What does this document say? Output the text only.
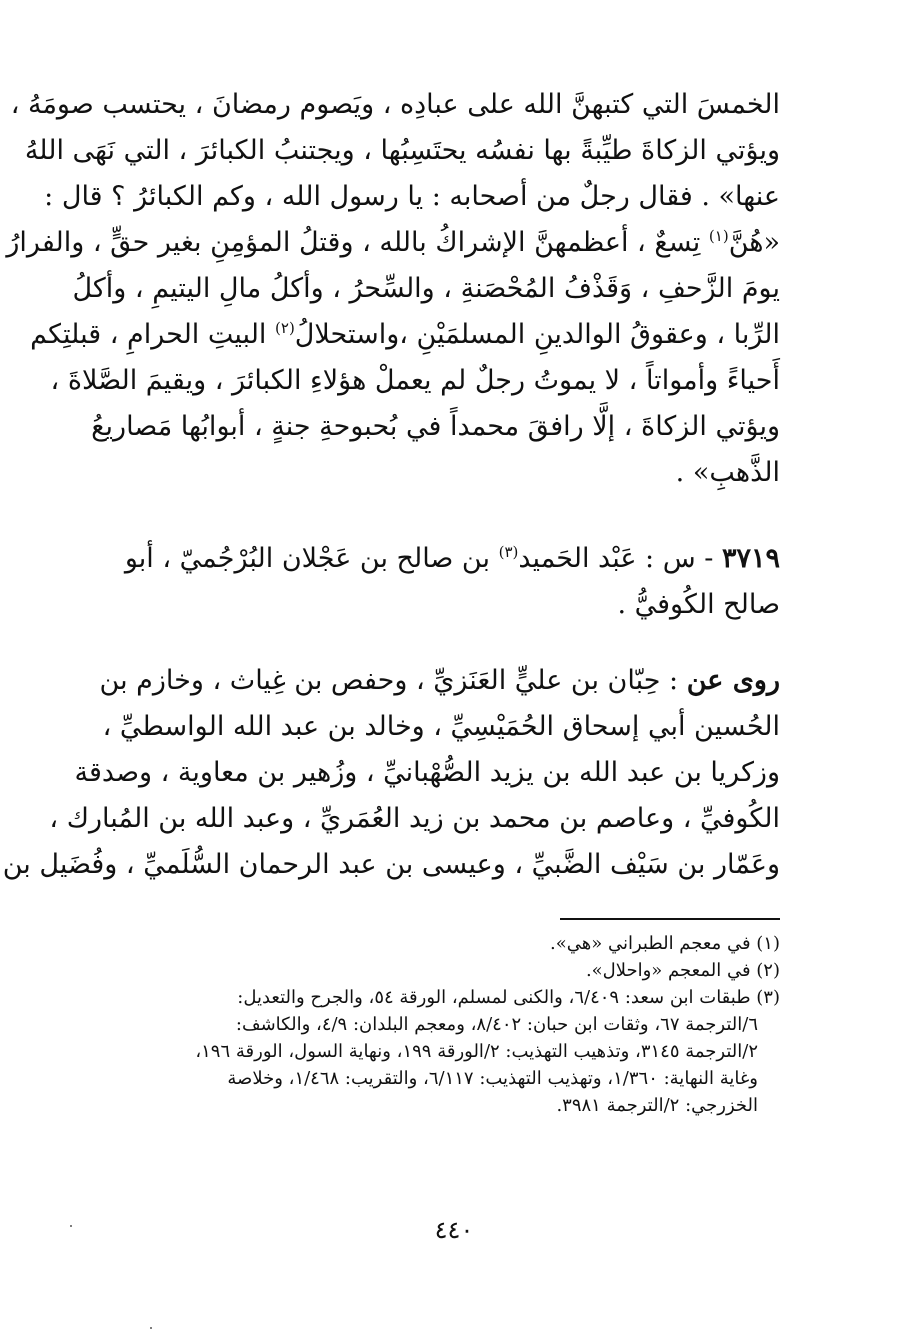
الخمسَ التي كتبهنَّ الله على عبادِه ، ويَصوم رمضانَ ، يحتسب صومَهُ ،
ويؤتي الزكاةَ طيِّبةً بها نفسُه يحتَسِبُها ، ويجتنبُ الكبائرَ ، التي نَهَى اللهُ
عنها» . فقال رجلٌ من أصحابه : يا رسول الله ، وكم الكبائرُ ؟ قال :
«هُنَّ$^{(١)}$ تِسعٌ ، أعظمهنَّ الإشراكُ بالله ، وقتلُ المؤمِنِ بغير حقٍّ ، والفرارُ
يومَ الزَّحفِ ، وَقَذْفُ المُحْصَنةِ ، والسِّحرُ ، وأكلُ مالِ اليتيمِ ، وأكلُ
الرِّبا ، وعقوقُ الوالدينِ المسلمَيْنِ ،واستحلالُ$^{(٢)}$ البيتِ الحرامِ ، قبلتِكم
أَحياءً وأمواتاً ، لا يموتُ رجلٌ لم يعملْ هؤلاءِ الكبائرَ ، ويقيمَ الصَّلاةَ ،
ويؤتي الزكاةَ ، إلَّا رافقَ محمداً في بُحبوحةِ جنةٍ ، أبوابُها مَصاريعُ
الذَّهبِ» .
٣٧١٩ - س : عَبْد الحَميد$^{(٣)}$ بن صالح بن عَجْلان البُرْجُميّ ، أبو
صالح الكُوفيُّ .
روى عن : حِبّان بن عليٍّ العَنَزيِّ ، وحفص بن غِياث ، وخازم بن
الحُسين أبي إسحاق الحُمَيْسِيِّ ، وخالد بن عبد الله الواسطيِّ ،
وزكريا بن عبد الله بن يزيد الصُّهْبانيِّ ، وزُهير بن معاوية ، وصدقة
الكُوفيِّ ، وعاصم بن محمد بن زيد العُمَريِّ ، وعبد الله بن المُبارك ،
وعَمّار بن سَيْف الضَّبيِّ ، وعيسى بن عبد الرحمان السُّلَميِّ ، وفُضَيل بن
(١) في معجم الطبراني «هي».
(٢) في المعجم «واحلال».
(٣) طبقات ابن سعد: ٦/٤٠٩، والكنى لمسلم، الورقة ٥٤، والجرح والتعديل:
٦/الترجمة ٦٧، وثقات ابن حبان: ٨/٤٠٢، ومعجم البلدان: ٤/٩، والكاشف:
٢/الترجمة ٣١٤٥، وتذهيب التهذيب: ٢/الورقة ١٩٩، ونهاية السول، الورقة ١٩٦،
وغاية النهاية: ١/٣٦٠، وتهذيب التهذيب: ٦/١١٧، والتقريب: ١/٤٦٨، وخلاصة
الخزرجي: ٢/الترجمة ٣٩٨١.
٤٤٠
